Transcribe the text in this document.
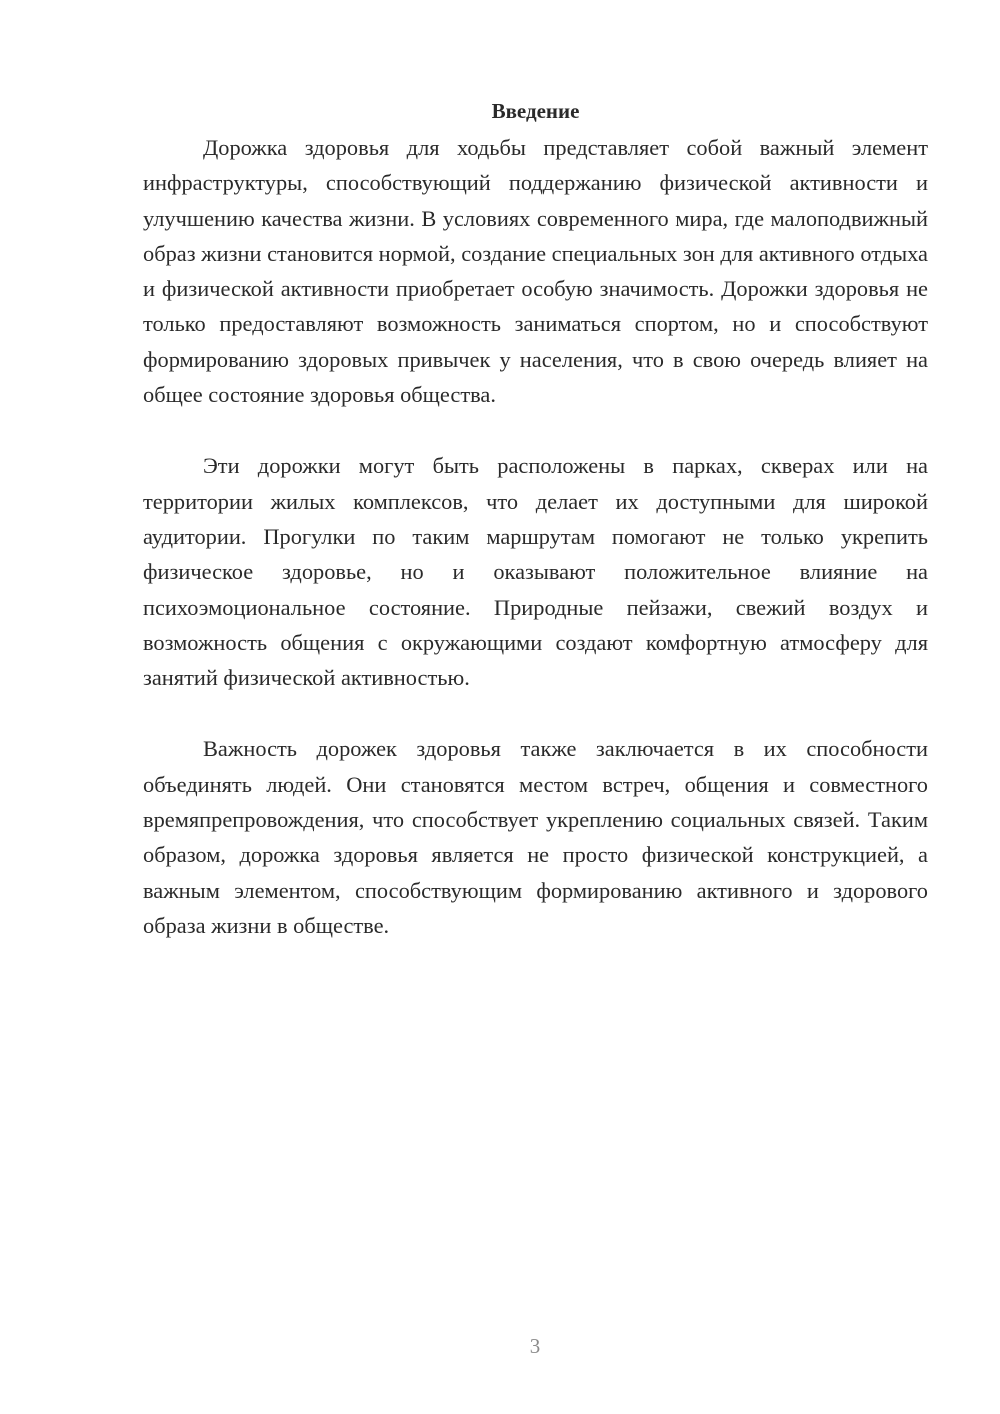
Введение

Дорожка здоровья для ходьбы представляет собой важный элемент инфраструктуры, способствующий поддержанию физической активности и улучшению качества жизни. В условиях современного мира, где малоподвижный образ жизни становится нормой, создание специальных зон для активного отдыха и физической активности приобретает особую значимость. Дорожки здоровья не только предоставляют возможность заниматься спортом, но и способствуют формированию здоровых привычек у населения, что в свою очередь влияет на общее состояние здоровья общества.

Эти дорожки могут быть расположены в парках, скверах или на территории жилых комплексов, что делает их доступными для широкой аудитории. Прогулки по таким маршрутам помогают не только укрепить физическое здоровье, но и оказывают положительное влияние на психоэмоциональное состояние. Природные пейзажи, свежий воздух и возможность общения с окружающими создают комфортную атмосферу для занятий физической активностью.

Важность дорожек здоровья также заключается в их способности объединять людей. Они становятся местом встреч, общения и совместного времяпрепровождения, что способствует укреплению социальных связей. Таким образом, дорожка здоровья является не просто физической конструкцией, а важным элементом, способствующим формированию активного и здорового образа жизни в обществе.

3
